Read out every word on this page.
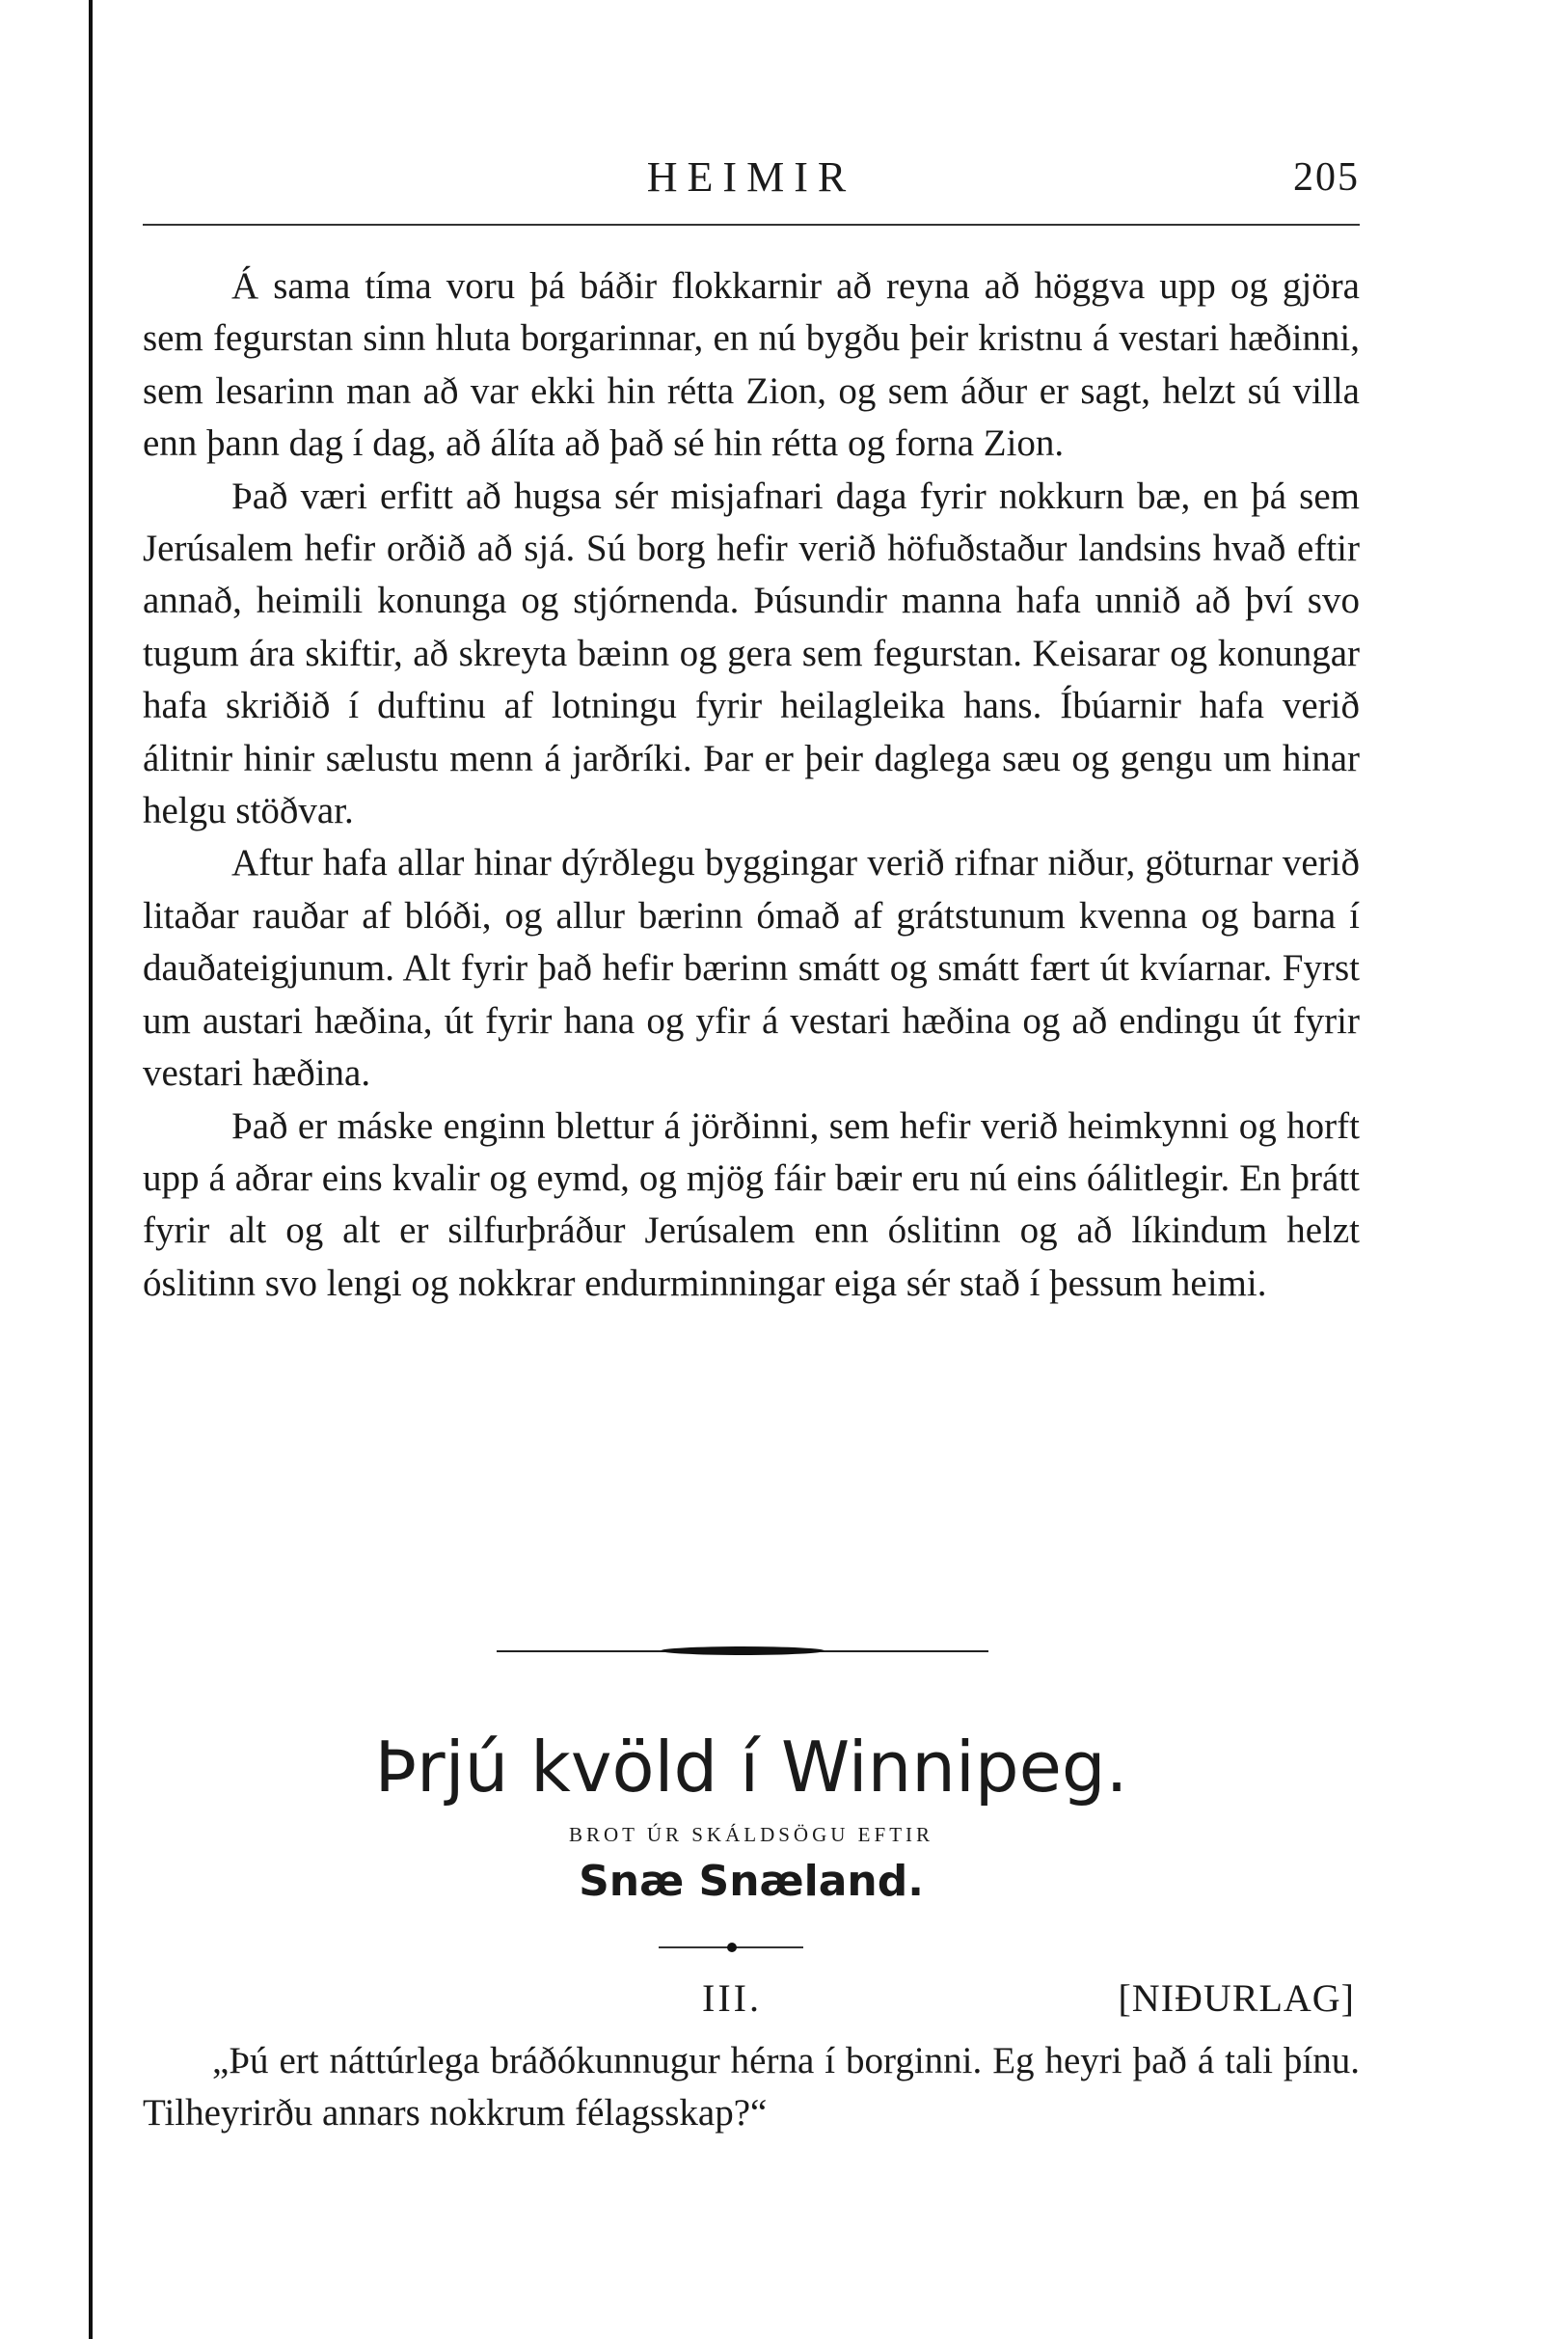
HEIMIR	205

Á sama tíma voru þá báðir flokkarnir að reyna að höggva upp og gjöra sem fegurstan sinn hluta borgarinnar, en nú bygðu þeir kristnu á vestari hæðinni, sem lesarinn man að var ekki hin rétta Zion, og sem áður er sagt, helzt sú villa enn þann dag í dag, að álíta að það sé hin rétta og forna Zion.

Það væri erfitt að hugsa sér misjafnari daga fyrir nokkurn bæ, en þá sem Jerúsalem hefir orðið að sjá. Sú borg hefir verið höfuðstaður landsins hvað eftir annað, heimili konunga og stjórnenda. Þúsundir manna hafa unnið að því svo tugum ára skiftir, að skreyta bæinn og gera sem fegurstan. Keisarar og konungar hafa skriðið í duftinu af lotningu fyrir heilagleika hans. Íbúarnir hafa verið álitnir hinir sælustu menn á jarðríki. Þar er þeir daglega sæu og gengu um hinar helgu stöðvar.

Aftur hafa allar hinar dýrðlegu byggingar verið rifnar niður, göturnar verið litaðar rauðar af blóði, og allur bærinn ómað af grátstunum kvenna og barna í dauðateigjunum. Alt fyrir það hefir bærinn smátt og smátt fært út kvíarnar. Fyrst um austari hæðina, út fyrir hana og yfir á vestari hæðina og að endingu út fyrir vestari hæðina.

Það er máske enginn blettur á jörðinni, sem hefir verið heimkynni og horft upp á aðrar eins kvalir og eymd, og mjög fáir bæir eru nú eins óálitlegir. En þrátt fyrir alt og alt er silfurþráður Jerúsalem enn óslitinn og að líkindum helzt óslitinn svo lengi og nokkrar endurminningar eiga sér stað í þessum heimi.

Þrjú kvöld í Winnipeg.
BROT ÚR SKÁLDSÖGU EFTIR
Snæ Snæland.
III.	[NIÐURLAG]

„Þú ert náttúrlega bráðókunnugur hérna í borginni. Eg heyri það á tali þínu. Tilheyrirðu annars nokkrum félagsskap?“
